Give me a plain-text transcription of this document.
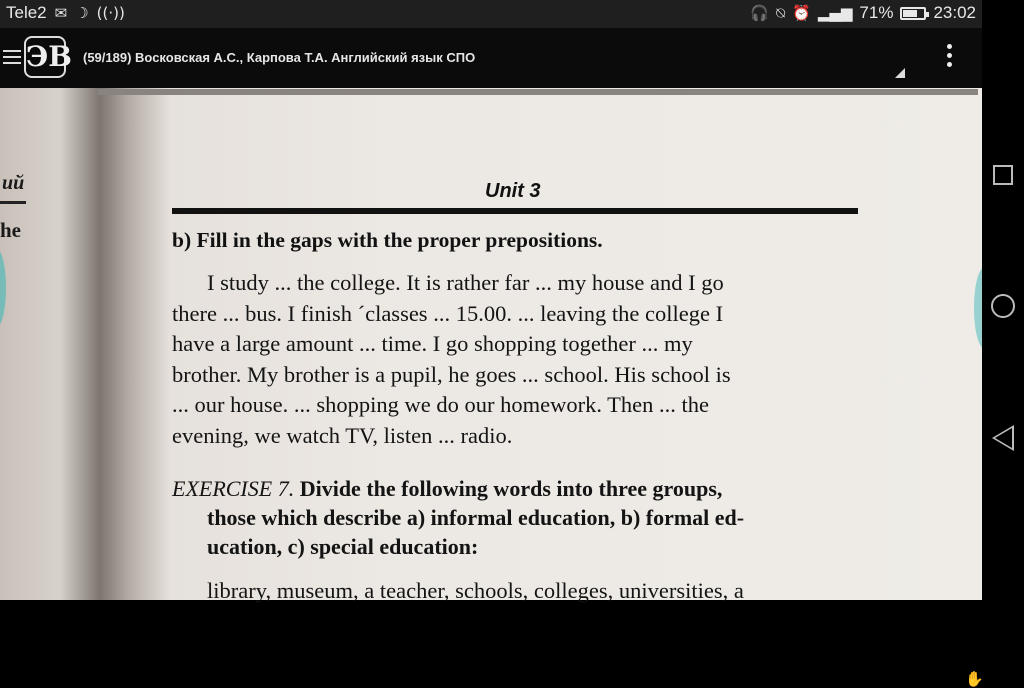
Tele2 ✉ ☽ ((·))	🎧 ⍉ ⏰ ▂▄▆ 71% 23:02
ЭВ (59/189) Восковская А.С., Карпова Т.А. Английский язык СПО
ий
he
Unit 3
b) Fill in the gaps with the proper prepositions.
I study ... the college. It is rather far ... my house and I go
there ... bus. I finish ´classes ... 15.00. ... leaving the college I
have a large amount ... time. I go shopping together ... my
brother. My brother is a pupil, he goes ... school. His school is
... our house. ... shopping we do our homework. Then ... the
evening, we watch TV, listen ... radio.
EXERCISE 7. Divide the following words into three groups,
those which describe a) informal education, b) formal ed-
ucation, c) special education:
library, museum, a teacher, schools, colleges, universities, a
✋
